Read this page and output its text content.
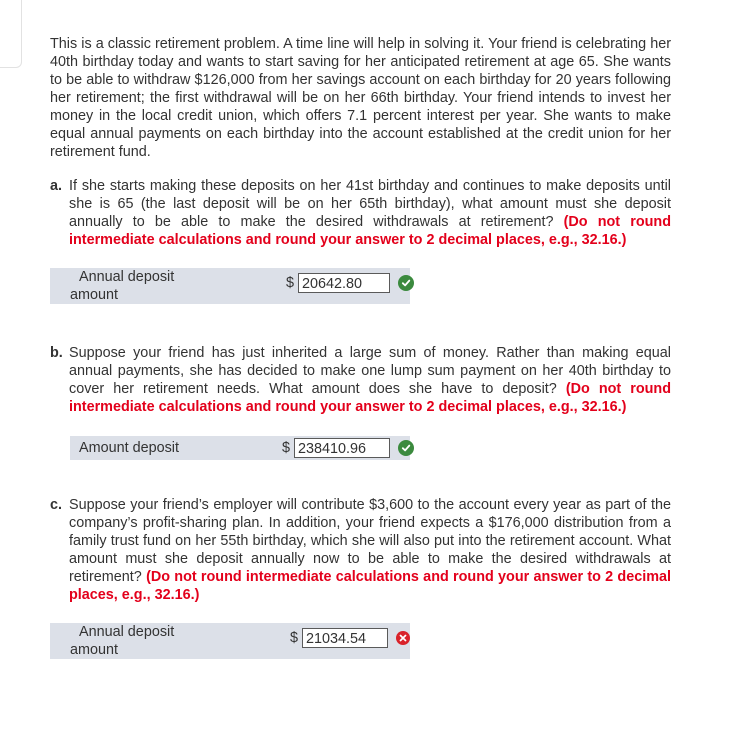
This is a classic retirement problem. A time line will help in solving it. Your friend is celebrating her 40th birthday today and wants to start saving for her anticipated retirement at age 65. She wants to be able to withdraw $126,000 from her savings account on each birthday for 20 years following her retirement; the first withdrawal will be on her 66th birthday. Your friend intends to invest her money in the local credit union, which offers 7.1 percent interest per year. She wants to make equal annual payments on each birthday into the account established at the credit union for her retirement fund.

a. If she starts making these deposits on her 41st birthday and continues to make deposits until she is 65 (the last deposit will be on her 65th birthday), what amount must she deposit annually to be able to make the desired withdrawals at retirement? (Do not round intermediate calculations and round your answer to 2 decimal places, e.g., 32.16.)
Annual deposit
amount
$ 20642.80
b. Suppose your friend has just inherited a large sum of money. Rather than making equal annual payments, she has decided to make one lump sum payment on her 40th birthday to cover her retirement needs. What amount does she have to deposit? (Do not round intermediate calculations and round your answer to 2 decimal places, e.g., 32.16.)
Amount deposit	$ 238410.96
c. Suppose your friend’s employer will contribute $3,600 to the account every year as part of the company’s profit-sharing plan. In addition, your friend expects a $176,000 distribution from a family trust fund on her 55th birthday, which she will also put into the retirement account. What amount must she deposit annually now to be able to make the desired withdrawals at retirement? (Do not round intermediate calculations and round your answer to 2 decimal places, e.g., 32.16.)
Annual deposit
amount
$ 21034.54
